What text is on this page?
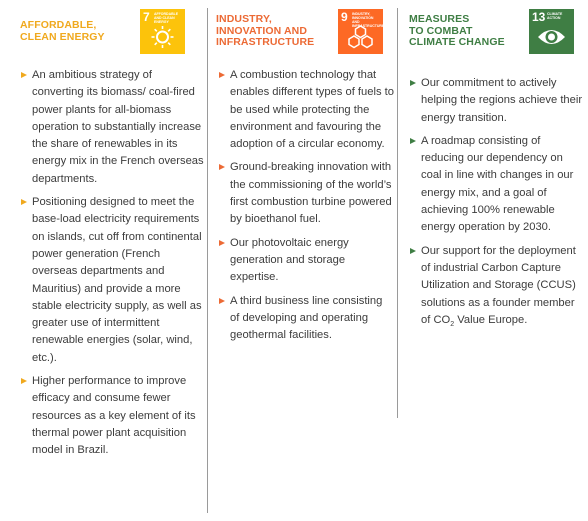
AFFORDABLE,
CLEAN ENERGY
7 AFFORDABLE AND CLEAN ENERGY
An ambitious strategy of converting its biomass/ coal-fired power plants for all-biomass operation to substantially increase the share of renewables in its energy mix in the French overseas departments.
Positioning designed to meet the base-load electricity requirements on islands, cut off from continental power generation (French overseas departments and Mauritius) and provide a more stable electricity supply, as well as greater use of intermittent renewable energies (solar, wind, etc.).
Higher performance to improve efficacy and consume fewer resources as a key element of its thermal power plant acquisition model in Brazil.
INDUSTRY,
INNOVATION AND
INFRASTRUCTURE
9 INDUSTRY, INNOVATION AND INFRASTRUCTURE
A combustion technology that enables different types of fuels to be used while protecting the environment and favouring the adoption of a circular economy.
Ground-breaking innovation with the commissioning of the world’s first combustion turbine powered by bioethanol fuel.
Our photovoltaic energy generation and storage expertise.
A third business line consisting of developing and operating geothermal facilities.
MEASURES
TO COMBAT
CLIMATE CHANGE
13 CLIMATE ACTION
Our commitment to actively helping the regions achieve their energy transition.
A roadmap consisting of reducing our dependency on coal in line with changes in our energy mix, and a goal of achieving 100% renewable energy operation by 2030.
Our support for the deployment of industrial Carbon Capture Utilization and Storage (CCUS) solutions as a founder member of $CO_2$ Value Europe.
